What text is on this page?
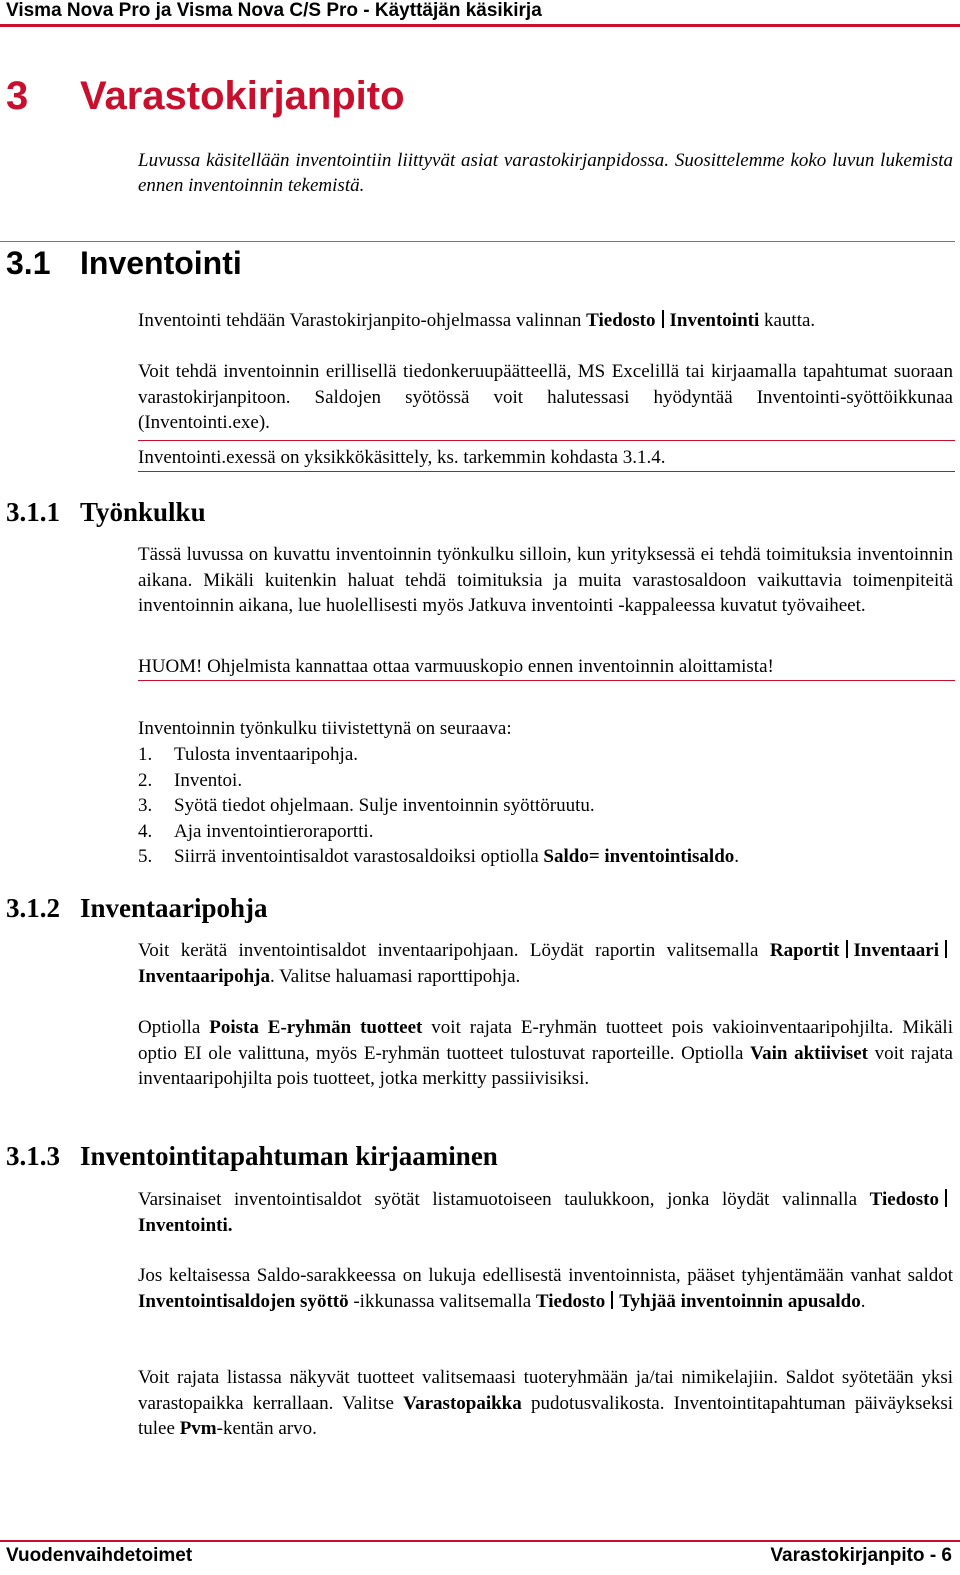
Visma Nova Pro ja Visma Nova C/S Pro - Käyttäjän käsikirja
3 Varastokirjanpito
Luvussa käsitellään inventointiin liittyvät asiat varastokirjanpidossa. Suosittelemme koko luvun lukemista ennen inventoinnin tekemistä.
3.1 Inventointi
Inventointi tehdään Varastokirjanpito-ohjelmassa valinnan Tiedosto Inventointi kautta.
Voit tehdä inventoinnin erillisellä tiedonkeruupäätteellä, MS Excelillä tai kirjaamalla tapahtumat suoraan varastokirjanpitoon. Saldojen syötössä voit halutessasi hyödyntää Inventointi-syöttöikkunaa (Inventointi.exe).
Inventointi.exessä on yksikkökäsittely, ks. tarkemmin kohdasta 3.1.4.
3.1.1 Työnkulku
Tässä luvussa on kuvattu inventoinnin työnkulku silloin, kun yrityksessä ei tehdä toimituksia inventoinnin aikana. Mikäli kuitenkin haluat tehdä toimituksia ja muita varastosaldoon vaikuttavia toimenpiteitä inventoinnin aikana, lue huolellisesti myös Jatkuva inventointi -kappaleessa kuvatut työvaiheet.
HUOM! Ohjelmista kannattaa ottaa varmuuskopio ennen inventoinnin aloittamista!
Inventoinnin työnkulku tiivistettynä on seuraava:
1. Tulosta inventaaripohja.
2. Inventoi.
3. Syötä tiedot ohjelmaan. Sulje inventoinnin syöttöruutu.
4. Aja inventointieroraportti.
5. Siirrä inventointisaldot varastosaldoiksi optiolla Saldo= inventointisaldo.
3.1.2 Inventaaripohja
Voit kerätä inventointisaldot inventaaripohjaan. Löydät raportin valitsemalla Raportit InventaariInventaaripohja. Valitse haluamasi raporttipohja.
Optiolla Poista E-ryhmän tuotteet voit rajata E-ryhmän tuotteet pois vakioinventaaripohjilta. Mikäli optio EI ole valittuna, myös E-ryhmän tuotteet tulostuvat raporteille. Optiolla Vain aktiiviset voit rajata inventaaripohjilta pois tuotteet, jotka merkitty passiivisiksi.
3.1.3 Inventointitapahtuman kirjaaminen
Varsinaiset inventointisaldot syötät listamuotoiseen taulukkoon, jonka löydät valinnalla TiedostoInventointi.
Jos keltaisessa Saldo-sarakkeessa on lukuja edellisestä inventoinnista, pääset tyhjentämään vanhat saldot Inventointisaldojen syöttö -ikkunassa valitsemalla Tiedosto Tyhjää inventoinnin apusaldo.
Voit rajata listassa näkyvät tuotteet valitsemaasi tuoteryhmään ja/tai nimikelajiin. Saldot syötetään yksi varastopaikka kerrallaan. Valitse Varastopaikka pudotusvalikosta. Inventointitapahtuman päiväykseksi tulee Pvm-kentän arvo.
Vuodenvaihdetoimet	Varastokirjanpito - 6
